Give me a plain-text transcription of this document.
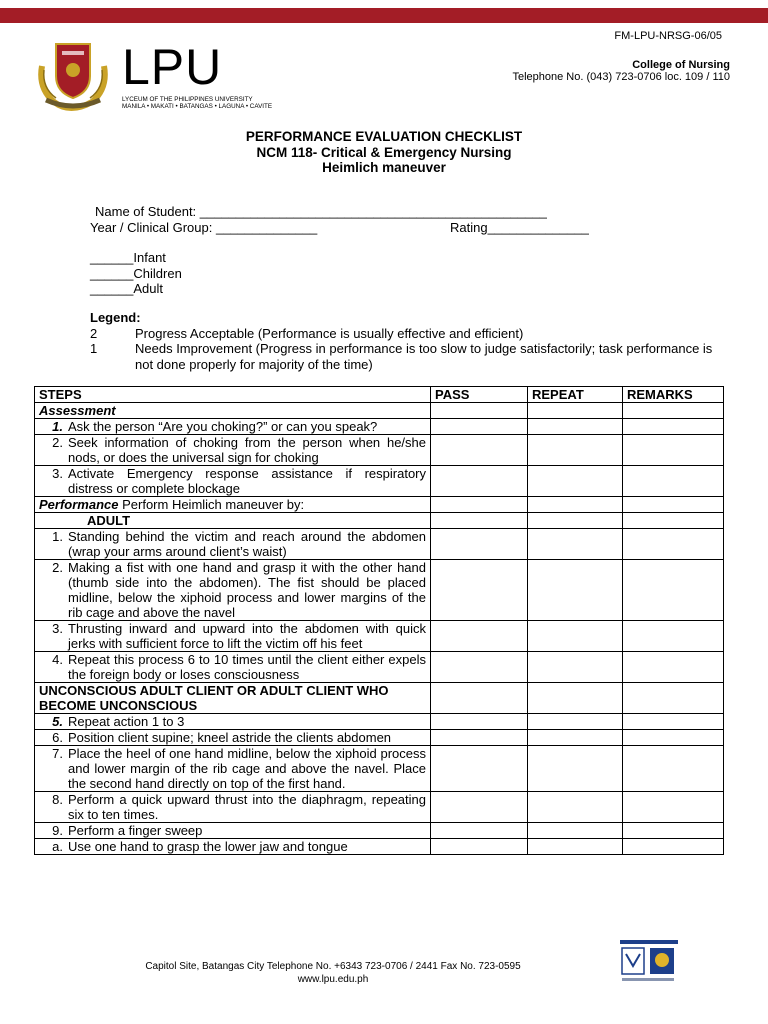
FM-LPU-NRSG-06/05
LPU
LYCEUM OF THE PHILIPPINES UNIVERSITY
MANILA • MAKATI • BATANGAS • LAGUNA • CAVITE
College of Nursing
Telephone No. (043) 723-0706 loc. 109 / 110
PERFORMANCE EVALUATION CHECKLIST
NCM 118- Critical & Emergency Nursing
Heimlich maneuver
Name of Student: ________________________________________________
Year / Clinical Group: ______________	Rating______________
______Infant
______Children
______Adult
Legend:
2	Progress Acceptable (Performance is usually effective and efficient)
1	Needs Improvement (Progress in performance is too slow to judge satisfactorily; task performance is not done properly for majority of the time)
STEPS	PASS	REPEAT	REMARKS
Assessment			

1. Ask the person “Are you choking?” or can you speak?			

2. Seek information of choking from the person when he/she nods, or does the universal sign for choking			

3. Activate Emergency response assistance if respiratory distress or complete blockage			

Performance Perform Heimlich maneuver by:			

ADULT			

1. Standing behind the victim and reach around the abdomen (wrap your arms around client’s waist)			

2. Making a fist with one hand and grasp it with the other hand (thumb side into the abdomen). The fist should be placed midline, below the xiphoid process and lower margins of the rib cage and above the navel			

3. Thrusting inward and upward into the abdomen with quick jerks with sufficient force to lift the victim off his feet			

4. Repeat this process 6 to 10 times until the client either expels the foreign body or loses consciousness			

UNCONSCIOUS ADULT CLIENT OR ADULT CLIENT WHO BECOME UNCONSCIOUS			

5. Repeat action 1 to 3			

6. Position client supine; kneel astride the clients abdomen			

7. Place the heel of one hand midline, below the xiphoid process and lower margin of the rib cage and above the navel. Place the second hand directly on top of the first hand.			

8. Perform a quick upward thrust into the diaphragm, repeating six to ten times.			

9. Perform a finger sweep			

a. Use one hand to grasp the lower jaw and tongue			

Capitol Site, Batangas City Telephone No. +6343 723-0706 / 2441 Fax No. 723-0595
www.lpu.edu.ph
